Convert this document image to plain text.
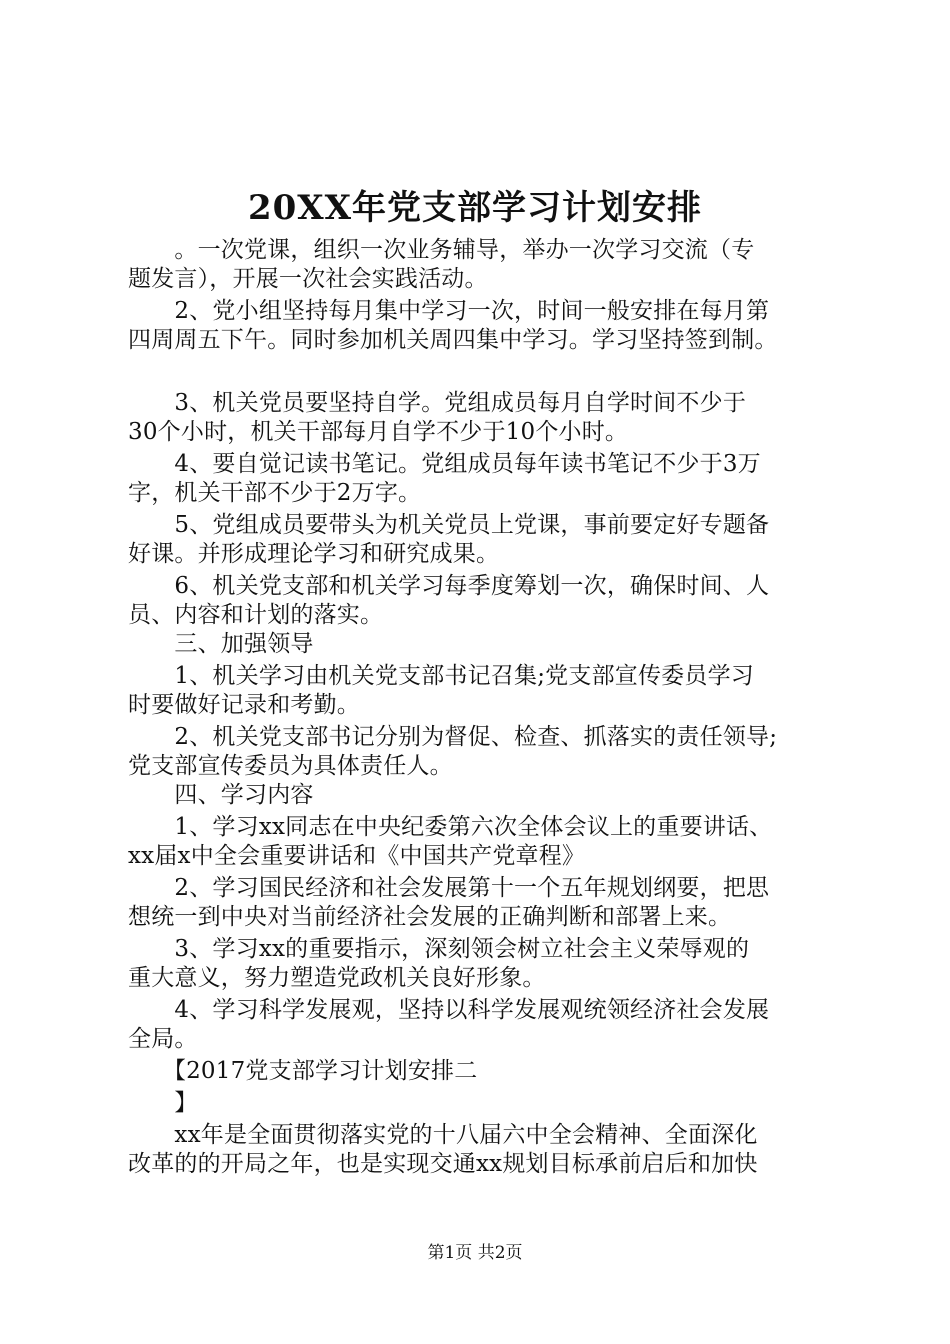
20XX年党支部学习计划安排
　　。一次党课，组织一次业务辅导，举办一次学习交流（专
题发言），开展一次社会实践活动。
　　2、党小组坚持每月集中学习一次，时间一般安排在每月第
四周周五下午。同时参加机关周四集中学习。学习坚持签到制。
　　3、机关党员要坚持自学。党组成员每月自学时间不少于
30个小时，机关干部每月自学不少于10个小时。
　　4、要自觉记读书笔记。党组成员每年读书笔记不少于3万
字，机关干部不少于2万字。
　　5、党组成员要带头为机关党员上党课，事前要定好专题备
好课。并形成理论学习和研究成果。
　　6、机关党支部和机关学习每季度筹划一次，确保时间、人
员、内容和计划的落实。
　　三、加强领导
　　1、机关学习由机关党支部书记召集;党支部宣传委员学习
时要做好记录和考勤。
　　2、机关党支部书记分别为督促、检查、抓落实的责任领导;
党支部宣传委员为具体责任人。
　　四、学习内容
　　1、学习xx同志在中央纪委第六次全体会议上的重要讲话、
xx届x中全会重要讲话和《中国共产党章程》
　　2、学习国民经济和社会发展第十一个五年规划纲要，把思
想统一到中央对当前经济社会发展的正确判断和部署上来。
　　3、学习xx的重要指示，深刻领会树立社会主义荣辱观的
重大意义，努力塑造党政机关良好形象。
　　4、学习科学发展观，坚持以科学发展观统领经济社会发展
全局。
　　【2017党支部学习计划安排二
　　】
　　xx年是全面贯彻落实党的十八届六中全会精神、全面深化
改革的的开局之年，也是实现交通xx规划目标承前启后和加快
第1页 共2页
